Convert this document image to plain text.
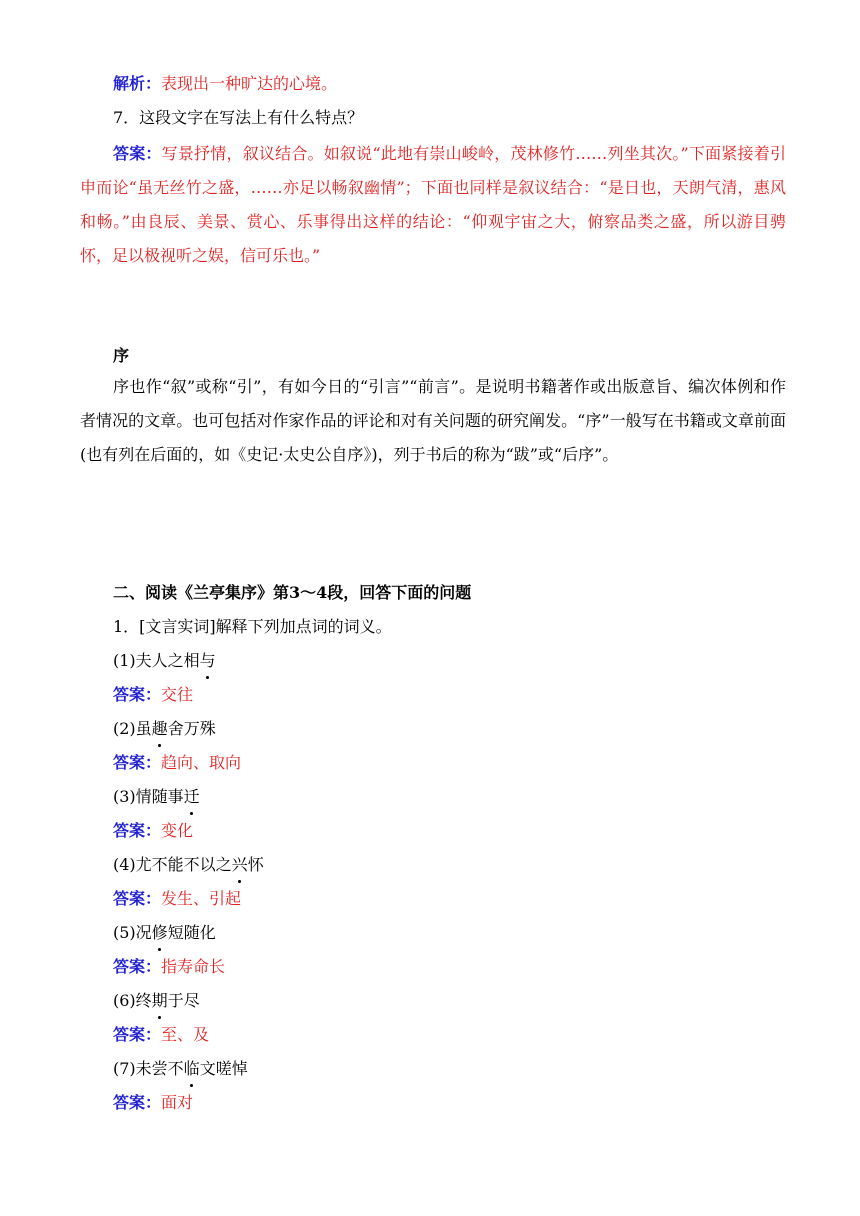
解析：表现出一种旷达的心境。
7．这段文字在写法上有什么特点？
答案：写景抒情，叙议结合。如叙说“此地有崇山峻岭，茂林修竹……列坐其次。”下面紧接着引申而论“虽无丝竹之盛，……亦足以畅叙幽情”；下面也同样是叙议结合：“是日也，天朗气清，惠风和畅。”由良辰、美景、赏心、乐事得出这样的结论：“仰观宇宙之大，俯察品类之盛，所以游目骋怀，足以极视听之娱，信可乐也。”
序
序也作“叙”或称“引”，有如今日的“引言”“前言”。是说明书籍著作或出版意旨、编次体例和作者情况的文章。也可包括对作家作品的评论和对有关问题的研究阐发。“序”一般写在书籍或文章前面(也有列在后面的，如《史记·太史公自序》)，列于书后的称为“跋”或“后序”。
二、阅读《兰亭集序》第3～4段，回答下面的问题
1．[文言实词]解释下列加点词的词义。
(1)夫人之相与
答案：交往
(2)虽趣舍万殊
答案：趋向、取向
(3)情随事迁
答案：变化
(4)尤不能不以之兴怀
答案：发生、引起
(5)况修短随化
答案：指寿命长
(6)终期于尽
答案：至、及
(7)未尝不临文嗟悼
答案：面对
